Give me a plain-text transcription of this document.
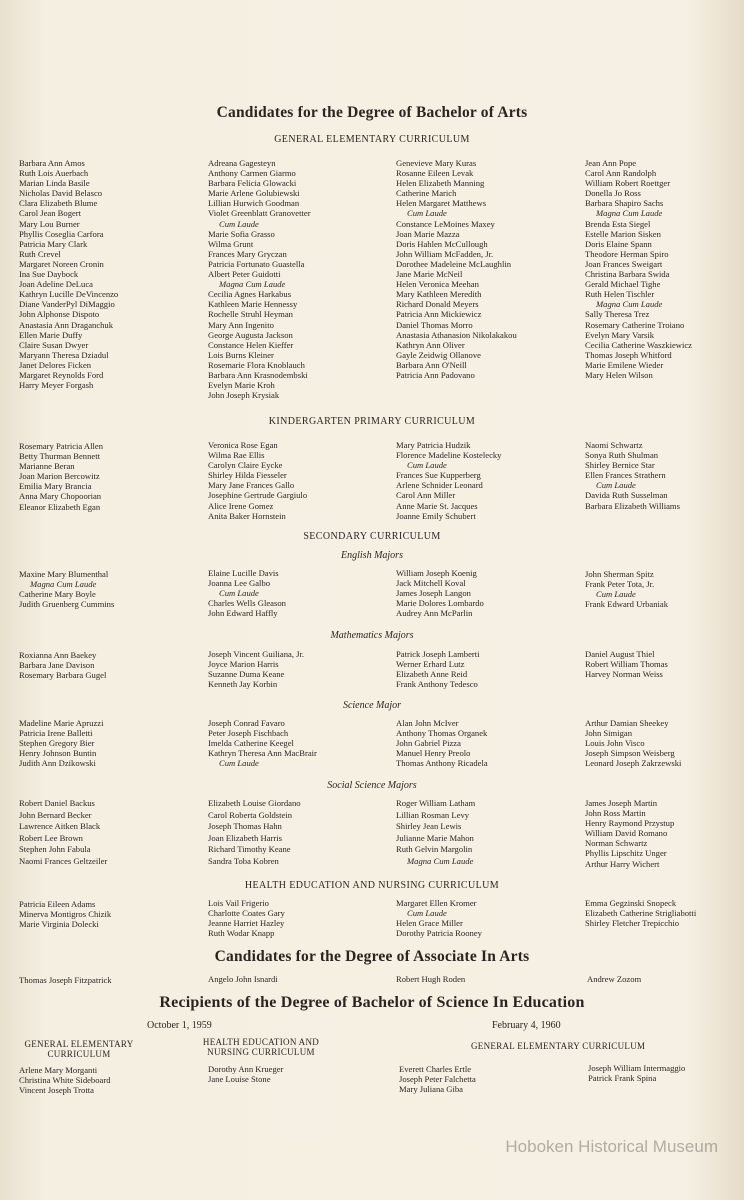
Candidates for the Degree of Bachelor of Arts
GENERAL ELEMENTARY CURRICULUM
Barbara Ann Amos
Ruth Lois Auerbach
Marian Linda Basile
Nicholas David Belasco
Clara Elizabeth Blume
Carol Jean Bogert
Mary Lou Burner
Phyllis Coseglia Carfora
Patricia Mary Clark
Ruth Crevel
Margaret Noreen Cronin
Ina Sue Daybock
Joan Adeline DeLuca
Kathryn Lucille DeVincenzo
Diane VanderPyl DiMaggio
John Alphonse Dispoto
Anastasia Ann Draganchuk
Ellen Marie Duffy
Claire Susan Dwyer
Maryann Theresa Dziadul
Janet Delores Ficken
Margaret Reynolds Ford
Harry Meyer Forgash
Adreana Gagesteyn
Anthony Carmen Giarmo
Barbara Felicia Glowacki
Marie Arlene Golubiewski
Lillian Hurwich Goodman
Violet Greenblatt Granovetter
Cum Laude
Marie Sofia Grasso
Wilma Grunt
Frances Mary Gryczan
Patricia Fortunato Guastella
Albert Peter Guidotti
Magna Cum Laude
Cecilia Agnes Harkabus
Kathleen Marie Hennessy
Rochelle Struhl Heyman
Mary Ann Ingenito
George Augusta Jackson
Constance Helen Kieffer
Lois Burns Kleiner
Rosemarie Flora Knoblauch
Barbara Ann Krasnodembski
Evelyn Marie Kroh
John Joseph Krysiak
Genevieve Mary Kuras
Rosanne Eileen Levak
Helen Elizabeth Manning
Catherine Marich
Helen Margaret Matthews
Cum Laude
Constance LeMoines Maxey
Joan Marie Mazza
Doris Hahlen McCullough
John William McFadden, Jr.
Dorothee Madeleine McLaughlin
Jane Marie McNeil
Helen Veronica Meehan
Mary Kathleen Meredith
Richard Donald Meyers
Patricia Ann Mickiewicz
Daniel Thomas Morro
Anastasia Athanasion Nikolakakou
Kathryn Ann Oliver
Gayle Zeidwig Ollanove
Barbara Ann O'Neill
Patricia Ann Padovano
Jean Ann Pope
Carol Ann Randolph
William Robert Roettger
Donella Jo Ross
Barbara Shapiro Sachs
Magna Cum Laude
Brenda Esta Siegel
Estelle Marion Sisken
Doris Elaine Spann
Theodore Herman Spiro
Joan Frances Sweigart
Christina Barbara Swida
Gerald Michael Tighe
Ruth Helen Tischler
Magna Cum Laude
Sally Theresa Trez
Rosemary Catherine Troiano
Evelyn Mary Varsik
Cecilia Catherine Waszkiewicz
Thomas Joseph Whitford
Marie Emilene Wieder
Mary Helen Wilson
KINDERGARTEN PRIMARY CURRICULUM
Rosemary Patricia Allen
Betty Thurman Bennett
Marianne Beran
Joan Marion Bercowitz
Emilia Mary Brancia
Anna Mary Chopoorian
Eleanor Elizabeth Egan
Veronica Rose Egan
Wilma Rae Ellis
Carolyn Claire Eycke
Shirley Hilda Fiesseler
Mary Jane Frances Gallo
Josephine Gertrude Gargiulo
Alice Irene Gomez
Anita Baker Hornstein
Mary Patricia Hudzik
Florence Madeline Kostelecky
Cum Laude
Frances Sue Kupperberg
Arlene Schnider Leonard
Carol Ann Miller
Anne Marie St. Jacques
Joanne Emily Schubert
Naomi Schwartz
Sonya Ruth Shulman
Shirley Bernice Star
Ellen Frances Strathern
Cum Laude
Davida Ruth Susselman
Barbara Elizabeth Williams
SECONDARY CURRICULUM
English Majors
Maxine Mary Blumenthal
Magna Cum Laude
Catherine Mary Boyle
Judith Gruenberg Cummins
Elaine Lucille Davis
Joanna Lee Galbo
Cum Laude
Charles Wells Gleason
John Edward Haffly
William Joseph Koenig
Jack Mitchell Koval
James Joseph Langon
Marie Dolores Lombardo
Audrey Ann McParlin
John Sherman Spitz
Frank Peter Tota, Jr.
Cum Laude
Frank Edward Urbaniak
Mathematics Majors
Roxianna Ann Baekey
Barbara Jane Davison
Rosemary Barbara Gugel
Joseph Vincent Guiliana, Jr.
Joyce Marion Harris
Suzanne Duma Keane
Kenneth Jay Korbin
Patrick Joseph Lamberti
Werner Erhard Lutz
Elizabeth Anne Reid
Frank Anthony Tedesco
Daniel August Thiel
Robert William Thomas
Harvey Norman Weiss
Science Major
Madeline Marie Apruzzi
Patricia Irene Balletti
Stephen Gregory Bier
Henry Johnson Buntin
Judith Ann Dzikowski
Joseph Conrad Favaro
Peter Joseph Fischbach
Imelda Catherine Keegel
Kathryn Theresa Ann MacBrair
Cum Laude
Alan John McIver
Anthony Thomas Organek
John Gabriel Pizza
Manuel Henry Preolo
Thomas Anthony Ricadela
Arthur Damian Sheekey
John Simigan
Louis John Visco
Joseph Simpson Weisberg
Leonard Joseph Zakrzewski
Social Science Majors
Robert Daniel Backus
John Bernard Becker
Lawrence Aitken Black
Robert Lee Brown
Stephen John Fabula
Naomi Frances Geltzeiler
Elizabeth Louise Giordano
Carol Roberta Goldstein
Joseph Thomas Hahn
Joan Elizabeth Harris
Richard Timothy Keane
Sandra Toba Kobren
Roger William Latham
Lillian Rosman Levy
Shirley Jean Lewis
Julianne Marie Mahon
Ruth Gelvin Margolin
Magna Cum Laude
James Joseph Martin
John Ross Martin
Henry Raymond Przystup
William David Romano
Norman Schwartz
Phyllis Lipschitz Unger
Arthur Harry Wichert
HEALTH EDUCATION AND NURSING CURRICULUM
Patricia Eileen Adams
Minerva Montigros Chizik
Marie Virginia Dolecki
Lois Vail Frigerio
Charlotte Coates Gary
Jeanne Harriet Hazley
Ruth Wodar Knapp
Margaret Ellen Kromer
Cum Laude
Helen Grace Miller
Dorothy Patricia Rooney
Emma Gegzinski Snopeck
Elizabeth Catherine Strigliabotti
Shirley Fletcher Trepicchio
Candidates for the Degree of Associate In Arts
Thomas Joseph Fitzpatrick	Angelo John Isnardi	Robert Hugh Roden	Andrew Zozom
Recipients of the Degree of Bachelor of Science In Education
October 1, 1959	February 4, 1960
GENERAL ELEMENTARY
CURRICULUM
HEALTH EDUCATION AND
NURSING CURRICULUM
GENERAL ELEMENTARY CURRICULUM
Arlene Mary Morganti
Christina White Sideboard
Vincent Joseph Trotta
Dorothy Ann Krueger
Jane Louise Stone
Everett Charles Ertle
Joseph Peter Falchetta
Mary Juliana Giba
Joseph William Intermaggio
Patrick Frank Spina
Hoboken Historical Museum
